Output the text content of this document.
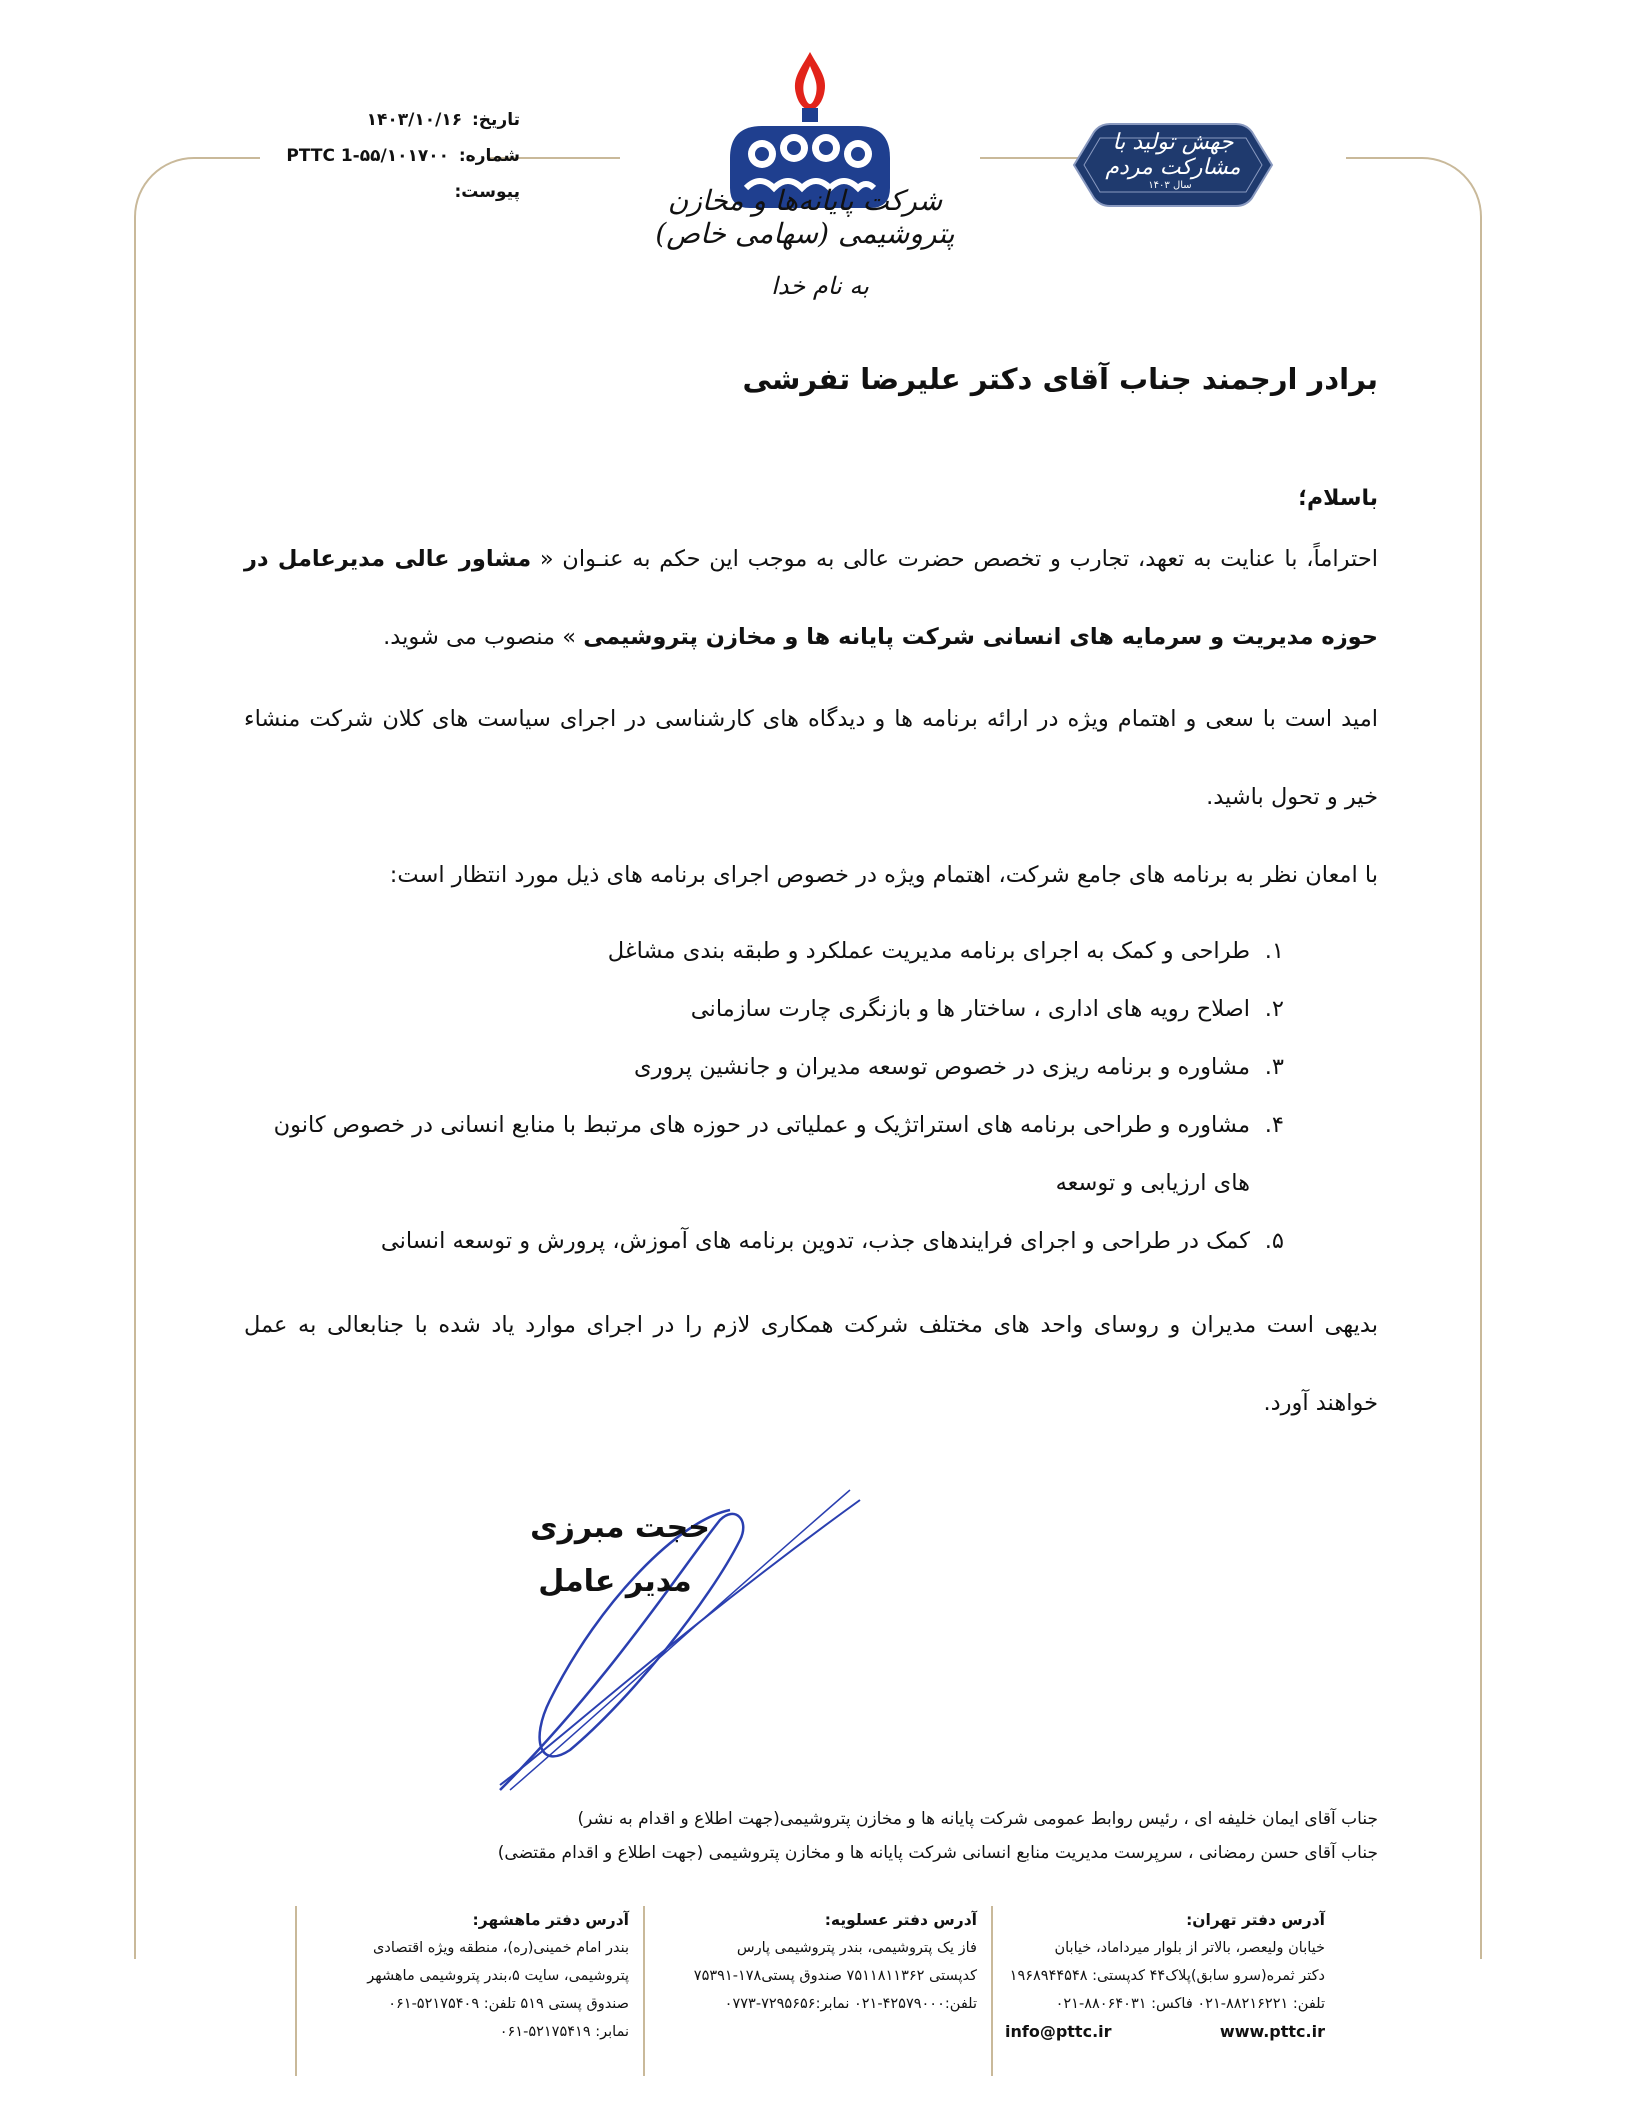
تاریخ: ۱۴۰۳/۱۰/۱۶
شماره: PTTC 1-۵۵/۱۰۱۷۰۰
پیوست:	شرکت پایانه‌ها و مخازن پتروشیمی (سهامی خاص)
جهش تولید با مشارکت مردم
سال ۱۴۰۳
به نام خدا
برادر ارجمند جناب آقای دکتر علیرضا تفرشی
باسلام؛
احتراماً، با عنایت به تعهد، تجارب و تخصص حضرت عالی به موجب این حکم به عنـوان « مشاور عالی مدیرعامل در حوزه مدیریت و سرمایه های انسانی شرکت پایانه ها و مخازن پتروشیمی » منصوب می شوید.
امید است با سعی و اهتمام ویژه در ارائه برنامه ها و دیدگاه های کارشناسی در اجرای سیاست های کلان شرکت منشاء خیر و تحول باشید.
با امعان نظر به برنامه های جامع شرکت، اهتمام ویژه در خصوص اجرای برنامه های ذیل مورد انتظار است:
۱.
طراحی و کمک به اجرای برنامه مدیریت عملکرد و طبقه بندی مشاغل
۲.
اصلاح رویه های اداری ، ساختار ها و بازنگری چارت سازمانی
۳.
مشاوره و برنامه ریزی در خصوص توسعه مدیران و جانشین پروری
۴.
مشاوره و طراحی برنامه های استراتژیک و عملیاتی در حوزه های مرتبط با منابع انسانی در خصوص کانون های ارزیابی و توسعه
۵.
کمک در طراحی و اجرای فرایندهای جذب، تدوین برنامه های آموزش، پرورش و توسعه انسانی
بدیهی است مدیران و روسای واحد های مختلف شرکت همکاری لازم را در اجرای موارد یاد شده با جنابعالی به عمل خواهند آورد.
حجت مبرزی
مدیر عامل
جناب آقای ایمان خلیفه ای ، رئیس روابط عمومی شرکت پایانه ها و مخازن پتروشیمی(جهت اطلاع و اقدام به نشر)
جناب آقای حسن رمضانی ، سرپرست مدیریت منابع انسانی شرکت پایانه ها و مخازن پتروشیمی (جهت اطلاع و اقدام مقتضی)
آدرس دفتر ماهشهر:
بندر امام خمینی(ره)، منطقه ویژه اقتصادی
پتروشیمی، سایت ۵،بندر پتروشیمی ماهشهر
صندوق پستی ۵۱۹ تلفن: ۵۲۱۷۵۴۰۹-۰۶۱
نمابر: ۵۲۱۷۵۴۱۹-۰۶۱
آدرس دفتر عسلویه:
فاز یک پتروشیمی، بندر پتروشیمی پارس
کدپستی ۷۵۱۱۸۱۱۳۶۲ صندوق پستی۱۷۸-۷۵۳۹۱
تلفن:۴۲۵۷۹۰۰۰-۰۲۱ نمابر:۷۲۹۵۶۵۶-۰۷۷۳
آدرس دفتر تهران:
خیابان ولیعصر، بالاتر از بلوار میرداماد، خیابان
دکتر ثمره(سرو سابق)پلاک۴۴ کدپستی: ۱۹۶۸۹۴۴۵۴۸
تلفن: ۸۸۲۱۶۲۲۱-۰۲۱ فاکس: ۸۸۰۶۴۰۳۱-۰۲۱
info@pttc.ir	www.pttc.ir
